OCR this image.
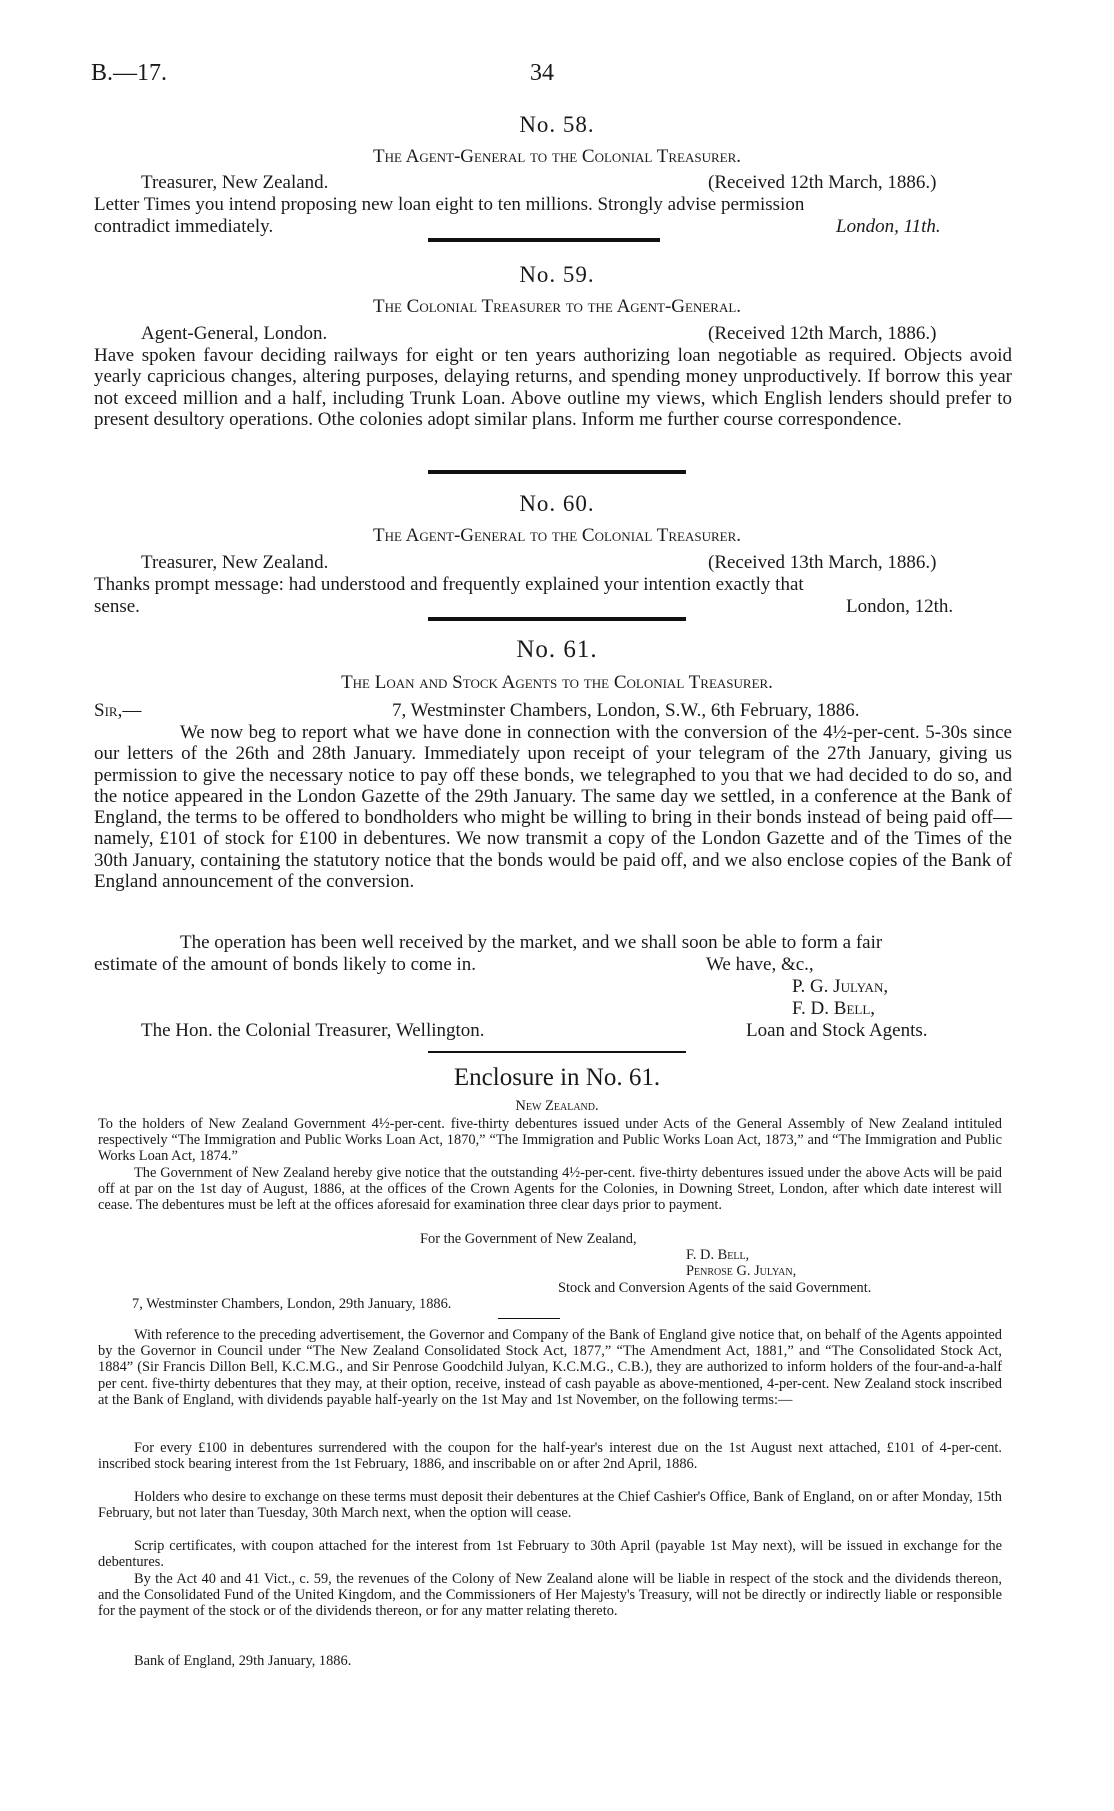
B.—17.	34
No. 58.
The Agent-General to the Colonial Treasurer.
Treasurer, New Zealand.	(Received 12th March, 1886.)
Letter Times you intend proposing new loan eight to ten millions. Strongly advise permission
contradict immediately.	London, 11th.
No. 59.
The Colonial Treasurer to the Agent-General.
Agent-General, London.	(Received 12th March, 1886.)
Have spoken favour deciding railways for eight or ten years authorizing loan negotiable as required. Objects avoid yearly capricious changes, altering purposes, delaying returns, and spending money unproductively. If borrow this year not exceed million and a half, including Trunk Loan. Above outline my views, which English lenders should prefer to present desultory operations. Othe colonies adopt similar plans. Inform me further course correspondence.
No. 60.
The Agent-General to the Colonial Treasurer.
Treasurer, New Zealand.	(Received 13th March, 1886.)
Thanks prompt message: had understood and frequently explained your intention exactly that
sense.	London, 12th.
No. 61.
The Loan and Stock Agents to the Colonial Treasurer.
Sir,—	7, Westminster Chambers, London, S.W., 6th February, 1886.
We now beg to report what we have done in connection with the conversion of the 4½-per-cent. 5-30s since our letters of the 26th and 28th January. Immediately upon receipt of your telegram of the 27th January, giving us permission to give the necessary notice to pay off these bonds, we telegraphed to you that we had decided to do so, and the notice appeared in the London Gazette of the 29th January. The same day we settled, in a conference at the Bank of England, the terms to be offered to bondholders who might be willing to bring in their bonds instead of being paid off—namely, £101 of stock for £100 in debentures. We now transmit a copy of the London Gazette and of the Times of the 30th January, containing the statutory notice that the bonds would be paid off, and we also enclose copies of the Bank of England announcement of the conversion.
The operation has been well received by the market, and we shall soon be able to form a fair
estimate of the amount of bonds likely to come in.	We have, &c.,
P. G. Julyan,
F. D. Bell,
The Hon. the Colonial Treasurer, Wellington.	Loan and Stock Agents.
Enclosure in No. 61.
New Zealand.
To the holders of New Zealand Government 4½-per-cent. five-thirty debentures issued under Acts of the General Assembly of New Zealand intituled respectively “The Immigration and Public Works Loan Act, 1870,” “The Immigration and Public Works Loan Act, 1873,” and “The Immigration and Public Works Loan Act, 1874.”
The Government of New Zealand hereby give notice that the outstanding 4½-per-cent. five-thirty debentures issued under the above Acts will be paid off at par on the 1st day of August, 1886, at the offices of the Crown Agents for the Colonies, in Downing Street, London, after which date interest will cease. The debentures must be left at the offices aforesaid for examination three clear days prior to payment.
For the Government of New Zealand,
F. D. Bell,
Penrose G. Julyan,
Stock and Conversion Agents of the said Government.
7, Westminster Chambers, London, 29th January, 1886.
With reference to the preceding advertisement, the Governor and Company of the Bank of England give notice that, on behalf of the Agents appointed by the Governor in Council under “The New Zealand Consolidated Stock Act, 1877,” “The Amendment Act, 1881,” and “The Consolidated Stock Act, 1884” (Sir Francis Dillon Bell, K.C.M.G., and Sir Penrose Goodchild Julyan, K.C.M.G., C.B.), they are authorized to inform holders of the four-and-a-half per cent. five-thirty debentures that they may, at their option, receive, instead of cash payable as above-mentioned, 4-per-cent. New Zealand stock inscribed at the Bank of England, with dividends payable half-yearly on the 1st May and 1st November, on the following terms:—
For every £100 in debentures surrendered with the coupon for the half-year's interest due on the 1st August next attached, £101 of 4-per-cent. inscribed stock bearing interest from the 1st February, 1886, and inscribable on or after 2nd April, 1886.
Holders who desire to exchange on these terms must deposit their debentures at the Chief Cashier's Office, Bank of England, on or after Monday, 15th February, but not later than Tuesday, 30th March next, when the option will cease.
Scrip certificates, with coupon attached for the interest from 1st February to 30th April (payable 1st May next), will be issued in exchange for the debentures.
By the Act 40 and 41 Vict., c. 59, the revenues of the Colony of New Zealand alone will be liable in respect of the stock and the dividends thereon, and the Consolidated Fund of the United Kingdom, and the Commissioners of Her Majesty's Treasury, will not be directly or indirectly liable or responsible for the payment of the stock or of the dividends thereon, or for any matter relating thereto.
Bank of England, 29th January, 1886.
